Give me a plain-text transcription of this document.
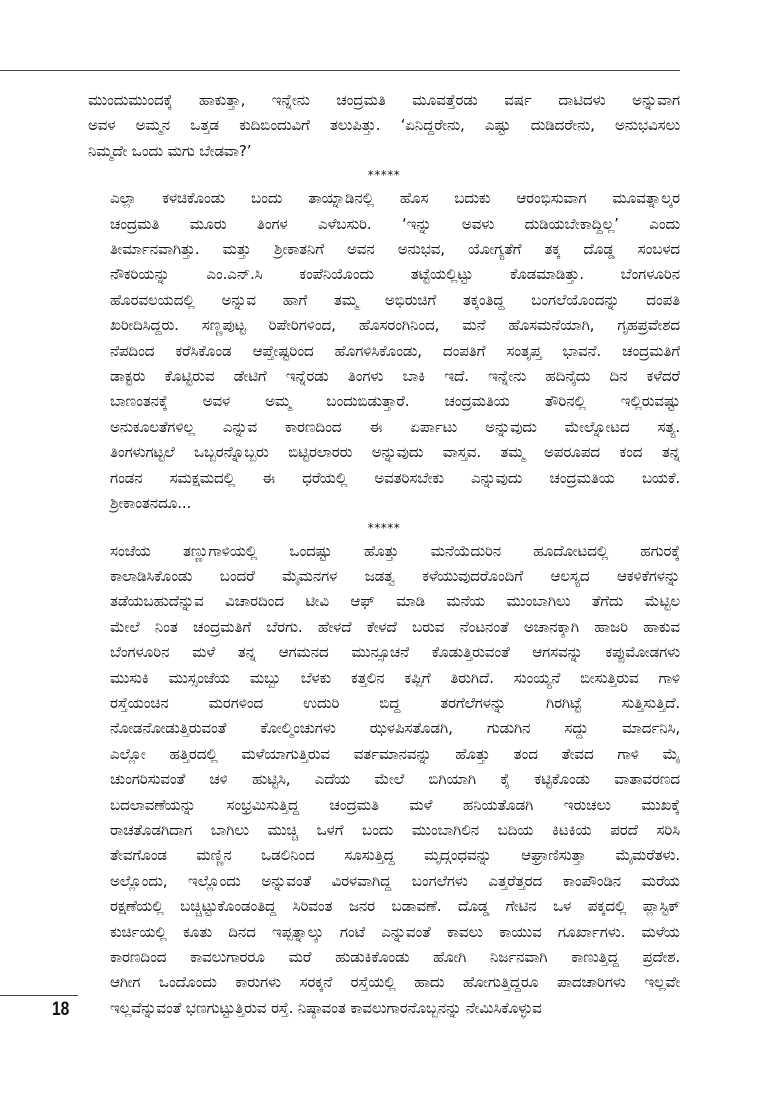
ಮುಂದುಮುಂದಕ್ಕೆ ಹಾಕುತ್ತಾ, ಇನ್ನೇನು ಚಂದ್ರಮತಿ ಮೂವತ್ತೆರಡು ವರ್ಷ ದಾಟಿದಳು ಅನ್ನುವಾಗ
ಅವಳ ಅಮ್ಮನ ಒತ್ತಡ ಕುದಿಬಿಂದುವಿಗೆ ತಲುಪಿತ್ತು. ‘ಏನಿದ್ದರೇನು, ಎಷ್ಟು ದುಡಿದರೇನು, ಅನುಭವಿಸಲು
ನಿಮ್ಮದೇ ಒಂದು ಮಗು ಬೇಡವಾ?’
*****
ಎಲ್ಲಾ ಕಳಚಿಕೊಂಡು ಬಂದು ತಾಯ್ನಾಡಿನಲ್ಲಿ ಹೊಸ ಬದುಕು ಆರಂಭಿಸುವಾಗ ಮೂವತ್ನಾಲ್ಕರ
ಚಂದ್ರಮತಿ ಮೂರು ತಿಂಗಳ ಎಳೆಬಸುರಿ. ‘ಇನ್ನು ಅವಳು ದುಡಿಯಬೇಕಾದ್ದಿಲ್ಲ’ ಎಂದು
ತೀರ್ಮಾನವಾಗಿತ್ತು. ಮತ್ತು ಶ್ರೀಕಾತನಿಗೆ ಅವನ ಅನುಭವ, ಯೋಗ್ಯತೆಗೆ ತಕ್ಕ ದೊಡ್ಡ ಸಂಬಳದ
ನೌಕರಿಯನ್ನು ಎಂ.ಎನ್.ಸಿ ಕಂಪೆನಿಯೊಂದು ತಟ್ಟೆಯಲ್ಲಿಟ್ಟು ಕೊಡಮಾಡಿತ್ತು. ಬೆಂಗಳೂರಿನ
ಹೊರವಲಯದಲ್ಲಿ ಅನ್ನುವ ಹಾಗೆ ತಮ್ಮ ಅಭಿರುಚಿಗೆ ತಕ್ಕಂತಿದ್ದ ಬಂಗಲೆಯೊಂದನ್ನು ದಂಪತಿ
ಖರೀದಿಸಿದ್ದರು. ಸಣ್ಣಪುಟ್ಟ ರಿಪೇರಿಗಳಿಂದ, ಹೊಸರಂಗಿನಿಂದ, ಮನೆ ಹೊಸಮನೆಯಾಗಿ, ಗೃಹಪ್ರವೇಶದ
ನೆಪದಿಂದ ಕರೆಸಿಕೊಂಡ ಆಪ್ತೇಷ್ಟರಿಂದ ಹೊಗಳಿಸಿಕೊಂಡು, ದಂಪತಿಗೆ ಸಂತೃಪ್ತ ಭಾವನೆ. ಚಂದ್ರಮತಿಗೆ
ಡಾಕ್ಟರು ಕೊಟ್ಟಿರುವ ಡೇಟಿಗೆ ಇನ್ನೆರಡು ತಿಂಗಳು ಬಾಕಿ ಇದೆ. ಇನ್ನೇನು ಹದಿನೈದು ದಿನ ಕಳೆದರೆ
ಬಾಣಂತನಕ್ಕೆ ಅವಳ ಅಮ್ಮ ಬಂದುಬಿಡುತ್ತಾರೆ. ಚಂದ್ರಮತಿಯ ತೌರಿನಲ್ಲಿ ಇಲ್ಲಿರುವಷ್ಟು
ಅನುಕೂಲತೆಗಳಿಲ್ಲ ಎನ್ನುವ ಕಾರಣದಿಂದ ಈ ಏರ್ಪಾಟು ಅನ್ನುವುದು ಮೇಲ್ನೋಟದ ಸತ್ಯ.
ತಿಂಗಳುಗಟ್ಟಲೆ ಒಬ್ಬರನ್ನೊಬ್ಬರು ಬಿಟ್ಟಿರಲಾರರು ಅನ್ನುವುದು ವಾಸ್ತವ. ತಮ್ಮ ಅಪರೂಪದ ಕಂದ ತನ್ನ
ಗಂಡನ ಸಮಕ್ಷಮದಲ್ಲಿ ಈ ಧರೆಯಲ್ಲಿ ಅವತರಿಸಬೇಕು ಎನ್ನುವುದು ಚಂದ್ರಮತಿಯ ಬಯಕೆ.
ಶ್ರೀಕಾಂತನದೂ...
*****
ಸಂಜೆಯ ತಣ್ಣುಗಾಳಿಯಲ್ಲಿ ಒಂದಷ್ಟು ಹೊತ್ತು ಮನೆಯೆದುರಿನ ಹೂದೋಟದಲ್ಲಿ ಹಗುರಕ್ಕೆ
ಕಾಲಾಡಿಸಿಕೊಂಡು ಬಂದರೆ ಮೈಮನಗಳ ಜಡತ್ವ ಕಳೆಯುವುದರೊಂದಿಗೆ ಆಲಸ್ಯದ ಆಕಳಿಕೆಗಳನ್ನು
ತಡೆಯಬಹುದೆನ್ನುವ ವಿಚಾರದಿಂದ ಟೀವಿ ಆಫ್ ಮಾಡಿ ಮನೆಯ ಮುಂಬಾಗಿಲು ತೆಗೆದು ಮೆಟ್ಟಿಲ
ಮೇಲೆ ನಿಂತ ಚಂದ್ರಮತಿಗೆ ಬೆರಗು. ಹೇಳದೆ ಕೇಳದೆ ಬರುವ ನೆಂಟನಂತೆ ಅಚಾನಕ್ಕಾಗಿ ಹಾಜರಿ ಹಾಕುವ
ಬೆಂಗಳೂರಿನ ಮಳೆ ತನ್ನ ಆಗಮನದ ಮುನ್ಸೂಚನೆ ಕೊಡುತ್ತಿರುವಂತೆ ಆಗಸವನ್ನು ಕಪ್ಪುಮೋಡಗಳು
ಮುಸುಕಿ ಮುಸ್ಸಂಜೆಯ ಮಬ್ಬು ಬೆಳಕು ಕತ್ತಲಿನ ಕಪ್ಪಿಗೆ ತಿರುಗಿದೆ. ಸುಂಯ್ಯನೆ ಬೀಸುತ್ತಿರುವ ಗಾಳಿ
ರಸ್ತೆಯಂಚಿನ ಮರಗಳಿಂದ ಉದುರಿ ಬಿದ್ದ ತರಗೆಲೆಗಳನ್ನು ಗಿರಗಿಟ್ಟೆ ಸುತ್ತಿಸುತ್ತಿದೆ.
ನೋಡನೋಡುತ್ತಿರುವಂತೆ ಕೋಲ್ಮಿಂಚುಗಳು ಝಳಪಿಸತೊಡಗಿ, ಗುಡುಗಿನ ಸದ್ದು ಮಾರ್ದನಿಸಿ,
ಎಲ್ಲೋ ಹತ್ತಿರದಲ್ಲಿ ಮಳೆಯಾಗುತ್ತಿರುವ ವರ್ತಮಾನವನ್ನು ಹೊತ್ತು ತಂದ ತೇವದ ಗಾಳಿ ಮೈ
ಚುಂಗರಿಸುವಂತೆ ಚಳಿ ಹುಟ್ಟಿಸಿ, ಎದೆಯ ಮೇಲೆ ಬಿಗಿಯಾಗಿ ಕೈ ಕಟ್ಟಿಕೊಂಡು ವಾತಾವರಣದ
ಬದಲಾವಣೆಯನ್ನು ಸಂಭ್ರಮಿಸುತ್ತಿದ್ದ ಚಂದ್ರಮತಿ ಮಳೆ ಹನಿಯತೊಡಗಿ ಇರುಚಲು ಮುಖಕ್ಕೆ
ರಾಚತೊಡಗಿದಾಗ ಬಾಗಿಲು ಮುಚ್ಚಿ ಒಳಗೆ ಬಂದು ಮುಂಬಾಗಿಲಿನ ಬದಿಯ ಕಿಟಕಿಯ ಪರದೆ ಸರಿಸಿ
ತೇವಗೊಂಡ ಮಣ್ಣಿನ ಒಡಲಿನಿಂದ ಸೂಸುತ್ತಿದ್ದ ಮೃದ್ಗಂಧವನ್ನು ಆಘ್ರಾಣಿಸುತ್ತಾ ಮೈಮರೆತಳು.
ಅಲ್ಲೊಂದು, ಇಲ್ಲೊಂದು ಅನ್ನುವಂತೆ ವಿರಳವಾಗಿದ್ದ ಬಂಗಲೆಗಳು ಎತ್ತರೆತ್ತರದ ಕಾಂಪೌಂಡಿನ ಮರೆಯ
ರಕ್ಷಣೆಯಲ್ಲಿ ಬಚ್ಚಿಟ್ಟುಕೊಂಡಂತಿದ್ದ ಸಿರಿವಂತ ಜನರ ಬಡಾವಣೆ. ದೊಡ್ಡ ಗೇಟಿನ ಒಳ ಪಕ್ಕದಲ್ಲಿ ಪ್ಲಾಸ್ಟಿಕ್
ಕುರ್ಚಿಯಲ್ಲಿ ಕೂತು ದಿನದ ಇಪ್ಪತ್ನಾಲ್ಕು ಗಂಟೆ ಎನ್ನುವಂತೆ ಕಾವಲು ಕಾಯುವ ಗೂರ್ಖಾಗಳು. ಮಳೆಯ
ಕಾರಣದಿಂದ ಕಾವಲುಗಾರರೂ ಮರೆ ಹುಡುಕಿಕೊಂಡು ಹೋಗಿ ನಿರ್ಜನವಾಗಿ ಕಾಣುತ್ತಿದ್ದ ಪ್ರದೇಶ.
ಆಗೀಗ ಒಂದೊಂದು ಕಾರುಗಳು ಸರಕ್ಕನೆ ರಸ್ತೆಯಲ್ಲಿ ಹಾದು ಹೋಗುತ್ತಿದ್ದರೂ ಪಾದಚಾರಿಗಳು ಇಲ್ಲವೇ
ಇಲ್ಲವೆನ್ನುವಂತೆ ಭಣಗುಟ್ಟುತ್ತಿರುವ ರಸ್ತೆ. ನಿಷ್ಠಾವಂತ ಕಾವಲುಗಾರನೊಬ್ಬನನ್ನು ನೇಮಿಸಿಕೊಳ್ಳುವ
18
